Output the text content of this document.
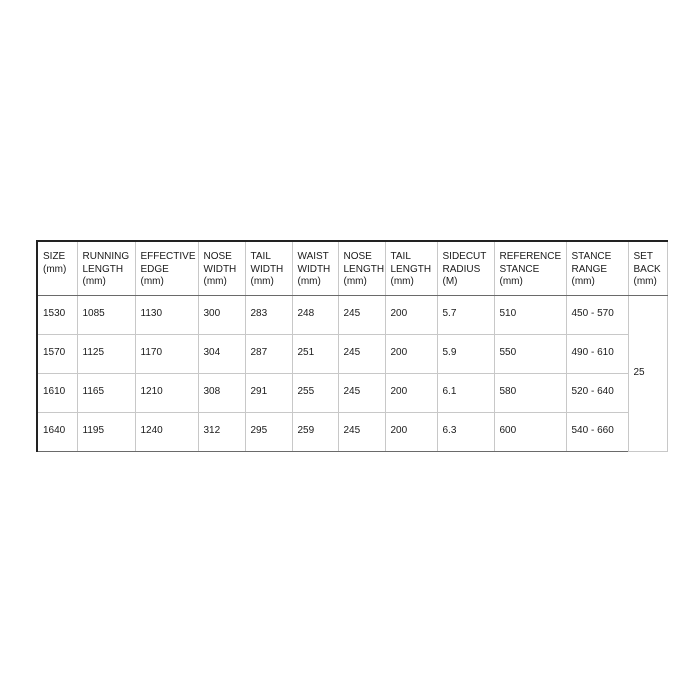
SIZE
(mm)	RUNNING
LENGTH
(mm)	EFFECTIVE
EDGE
(mm)	NOSE
WIDTH
(mm)	TAIL
WIDTH
(mm)	WAIST
WIDTH
(mm)	NOSE
LENGTH
(mm)	TAIL
LENGTH
(mm)	SIDECUT
RADIUS
(M)	REFERENCE
STANCE
(mm)	STANCE
RANGE
(mm)	SET
BACK
(mm)

1530	1085	1130	300	283	248	245	200	5.7	510	450 - 570	25
1570	1125	1170	304	287	251	245	200	5.9	550	490 - 610	
1610	1165	1210	308	291	255	245	200	6.1	580	520 - 640	
1640	1195	1240	312	295	259	245	200	6.3	600	540 - 660	
